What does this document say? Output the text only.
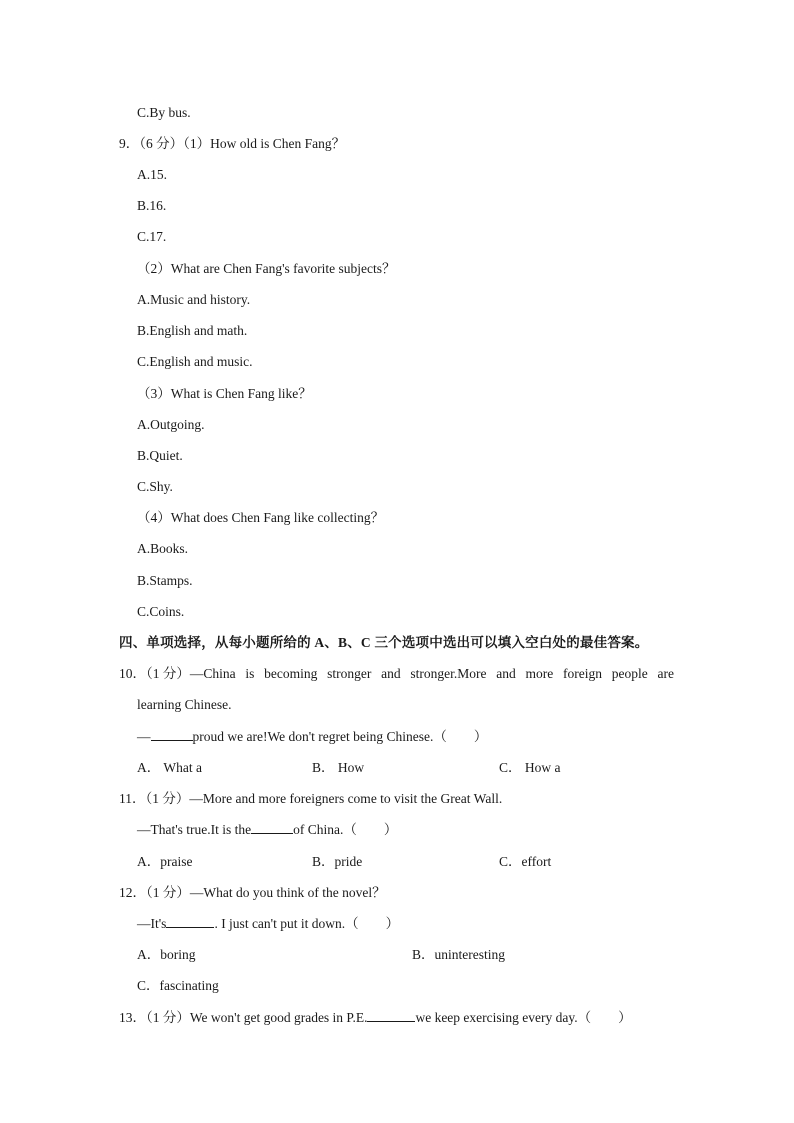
C.By bus.
9．（6 分）（1）How old is Chen Fang？
A.15.
B.16.
C.17.
（2）What are Chen Fang's favorite subjects？
A.Music and history.
B.English and math.
C.English and music.
（3）What is Chen Fang like？
A.Outgoing.
B.Quiet.
C.Shy.
（4）What does Chen Fang like collecting？
A.Books.
B.Stamps.
C.Coins.
四、单项选择，从每小题所给的 A、B、C 三个选项中选出可以填入空白处的最佳答案。
10．（1 分）—China is becoming stronger and stronger.More and more foreign people are
learning Chinese.
—	proud we are!We don't regret being Chinese.（　　）
A． What a	B． How	C． How a
11．（1 分）—More and more foreigners come to visit the Great Wall.
—That's true.It is the	of China.（　　）
A．praise	B．pride	C．effort
12．（1 分）—What do you think of the novel？
—It's	. I just can't put it down.（　　）
A．boring	B．uninteresting
C．fascinating
13．（1 分）We won't get good grades in P.E.	we keep exercising every day.（　　）
